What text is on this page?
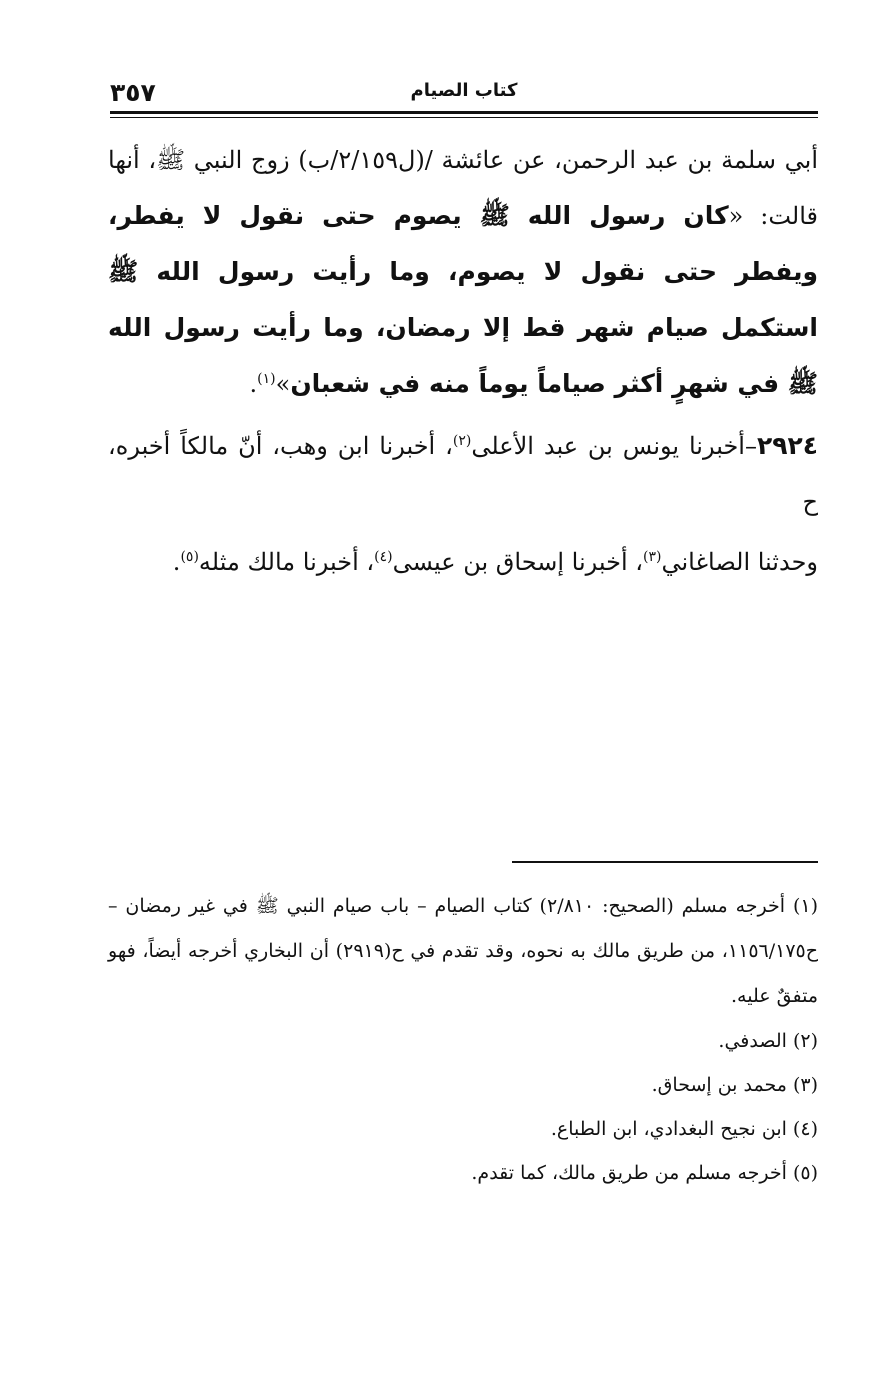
٣٥٧	كتاب الصيام

أبي سلمة بن عبد الرحمن، عن عائشة /(ل٢/١٥٩/ب) زوج النبي ﷺ، أنها قالت: «كان رسول الله ﷺ يصوم حتى نقول لا يفطر، ويفطر حتى نقول لا يصوم، وما رأيت رسول الله ﷺ استكمل صيام شهر قط إلا رمضان، وما رأيت رسول الله ﷺ في شهرٍ أكثر صياماً يوماً منه في شعبان»$^{(١)}$.

٢٩٢٤–أخبرنا يونس بن عبد الأعلى$^{(٢)}$، أخبرنا ابن وهب، أنّ مالكاً أخبره، ح

وحدثنا الصاغاني$^{(٣)}$، أخبرنا إسحاق بن عيسى$^{(٤)}$، أخبرنا مالك مثله$^{(٥)}$.

(١) أخرجه مسلم (الصحيح: ٢/٨١٠) كتاب الصيام – باب صيام النبي ﷺ في غير رمضان – ح١١٥٦/١٧٥، من طريق مالك به نحوه، وقد تقدم في ح(٢٩١٩) أن البخاري أخرجه أيضاً، فهو متفقٌ عليه.

(٢) الصدفي.

(٣) محمد بن إسحاق.

(٤) ابن نجيح البغدادي، ابن الطباع.

(٥) أخرجه مسلم من طريق مالك، كما تقدم.
